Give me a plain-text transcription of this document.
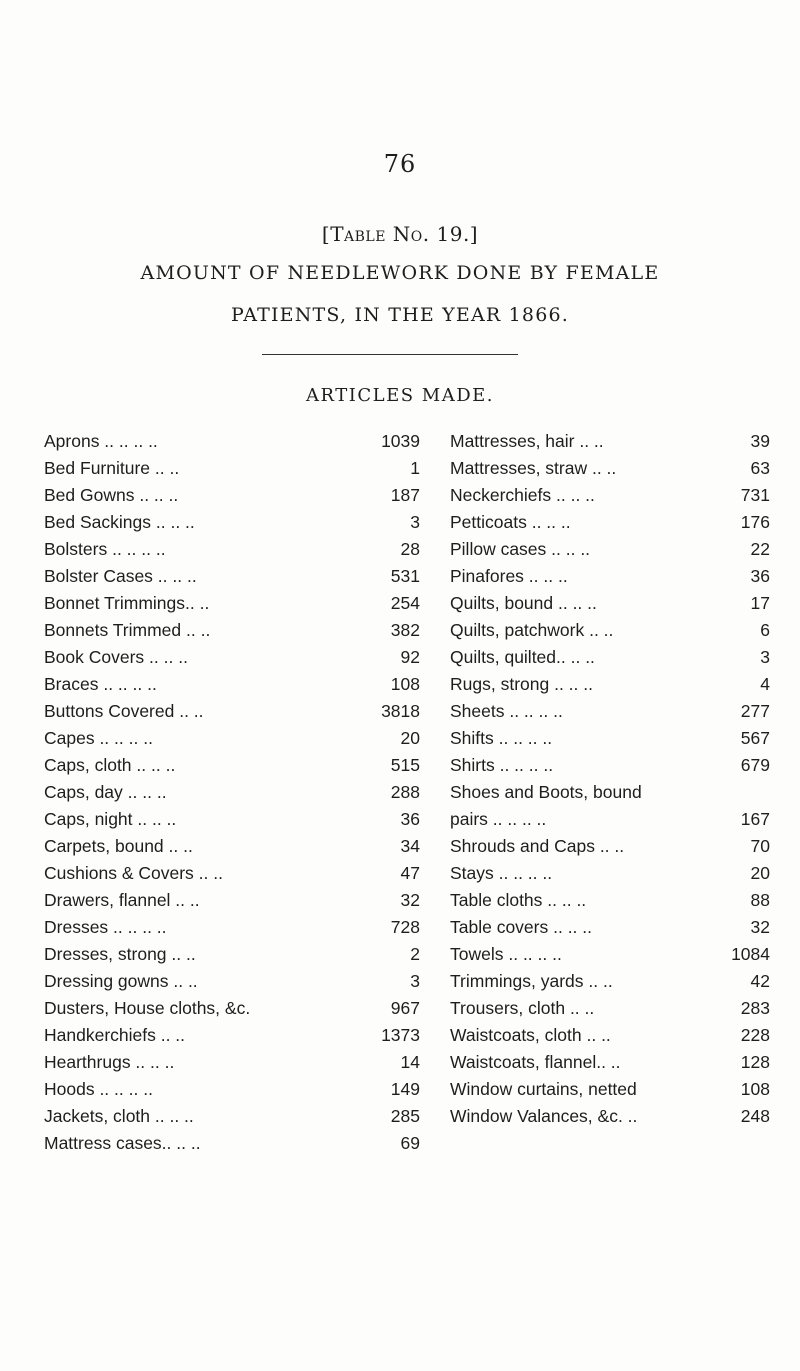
76
[Table No. 19.]
AMOUNT OF NEEDLEWORK DONE BY FEMALE
PATIENTS, IN THE YEAR 1866.
ARTICLES MADE.
Aprons .. .. .. ..	1039
Bed Furniture .. ..	1
Bed Gowns .. .. ..	187
Bed Sackings .. .. ..	3
Bolsters .. .. .. ..	28
Bolster Cases .. .. ..	531
Bonnet Trimmings.. ..	254
Bonnets Trimmed .. ..	382
Book Covers .. .. ..	92
Braces .. .. .. ..	108
Buttons Covered .. ..	3818
Capes .. .. .. ..	20
Caps, cloth .. .. ..	515
Caps, day .. .. ..	288
Caps, night .. .. ..	36
Carpets, bound .. ..	34
Cushions & Covers .. ..	47
Drawers, flannel .. ..	32
Dresses .. .. .. ..	728
Dresses, strong .. ..	2
Dressing gowns .. ..	3
Dusters, House cloths, &c.	967
Handkerchiefs .. ..	1373
Hearthrugs .. .. ..	14
Hoods .. .. .. ..	149
Jackets, cloth .. .. ..	285
Mattress cases.. .. ..	69
Mattresses, hair .. ..	39
Mattresses, straw .. ..	63
Neckerchiefs .. .. ..	731
Petticoats .. .. ..	176
Pillow cases .. .. ..	22
Pinafores .. .. ..	36
Quilts, bound .. .. ..	17
Quilts, patchwork .. ..	6
Quilts, quilted.. .. ..	3
Rugs, strong .. .. ..	4
Sheets .. .. .. ..	277
Shifts .. .. .. ..	567
Shirts .. .. .. ..	679
Shoes and Boots, bound
pairs .. .. .. ..	167
Shrouds and Caps .. ..	70
Stays .. .. .. ..	20
Table cloths .. .. ..	88
Table covers .. .. ..	32
Towels .. .. .. ..	1084
Trimmings, yards .. ..	42
Trousers, cloth .. ..	283
Waistcoats, cloth .. ..	228
Waistcoats, flannel.. ..	128
Window curtains, netted	108
Window Valances, &c. ..	248
